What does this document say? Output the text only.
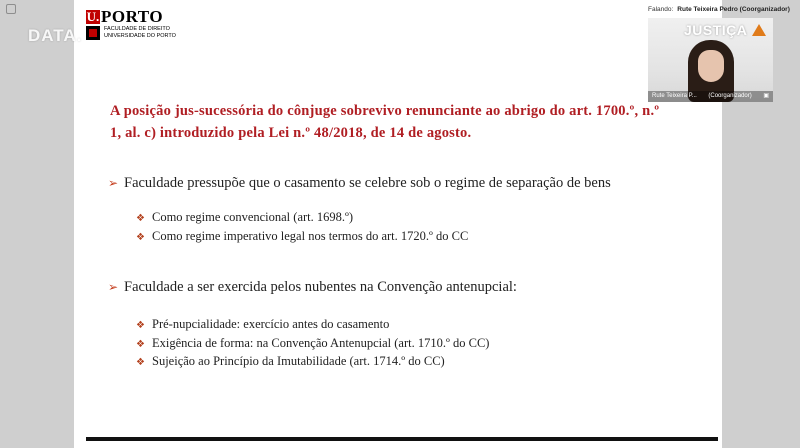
DATA.
U. PORTO
FACULDADE DE DIREITO
UNIVERSIDADE DO PORTO
A posição jus-sucessória do cônjuge sobrevivo renunciante ao abrigo do art. 1700.º, n.º
1, al. c) introduzido pela Lei n.º 48/2018, de 14 de agosto.
➢ Faculdade pressupõe que o casamento se celebre sob o regime de separação de bens
❖ Como regime convencional (art. 1698.º)
❖ Como regime imperativo legal nos termos do art. 1720.º do CC
➢ Faculdade a ser exercida pelos nubentes na Convenção antenupcial:
❖ Pré-nupcialidade: exercício antes do casamento
❖ Exigência de forma: na Convenção Antenupcial (art. 1710.º do CC)
❖ Sujeição ao Princípio da Imutabilidade (art. 1714.º do CC)
Falando: Rute Teixeira Pedro (Coorganizador)
JUSTIÇA
Rute Teixeira P... (Coorganizador) ▣
